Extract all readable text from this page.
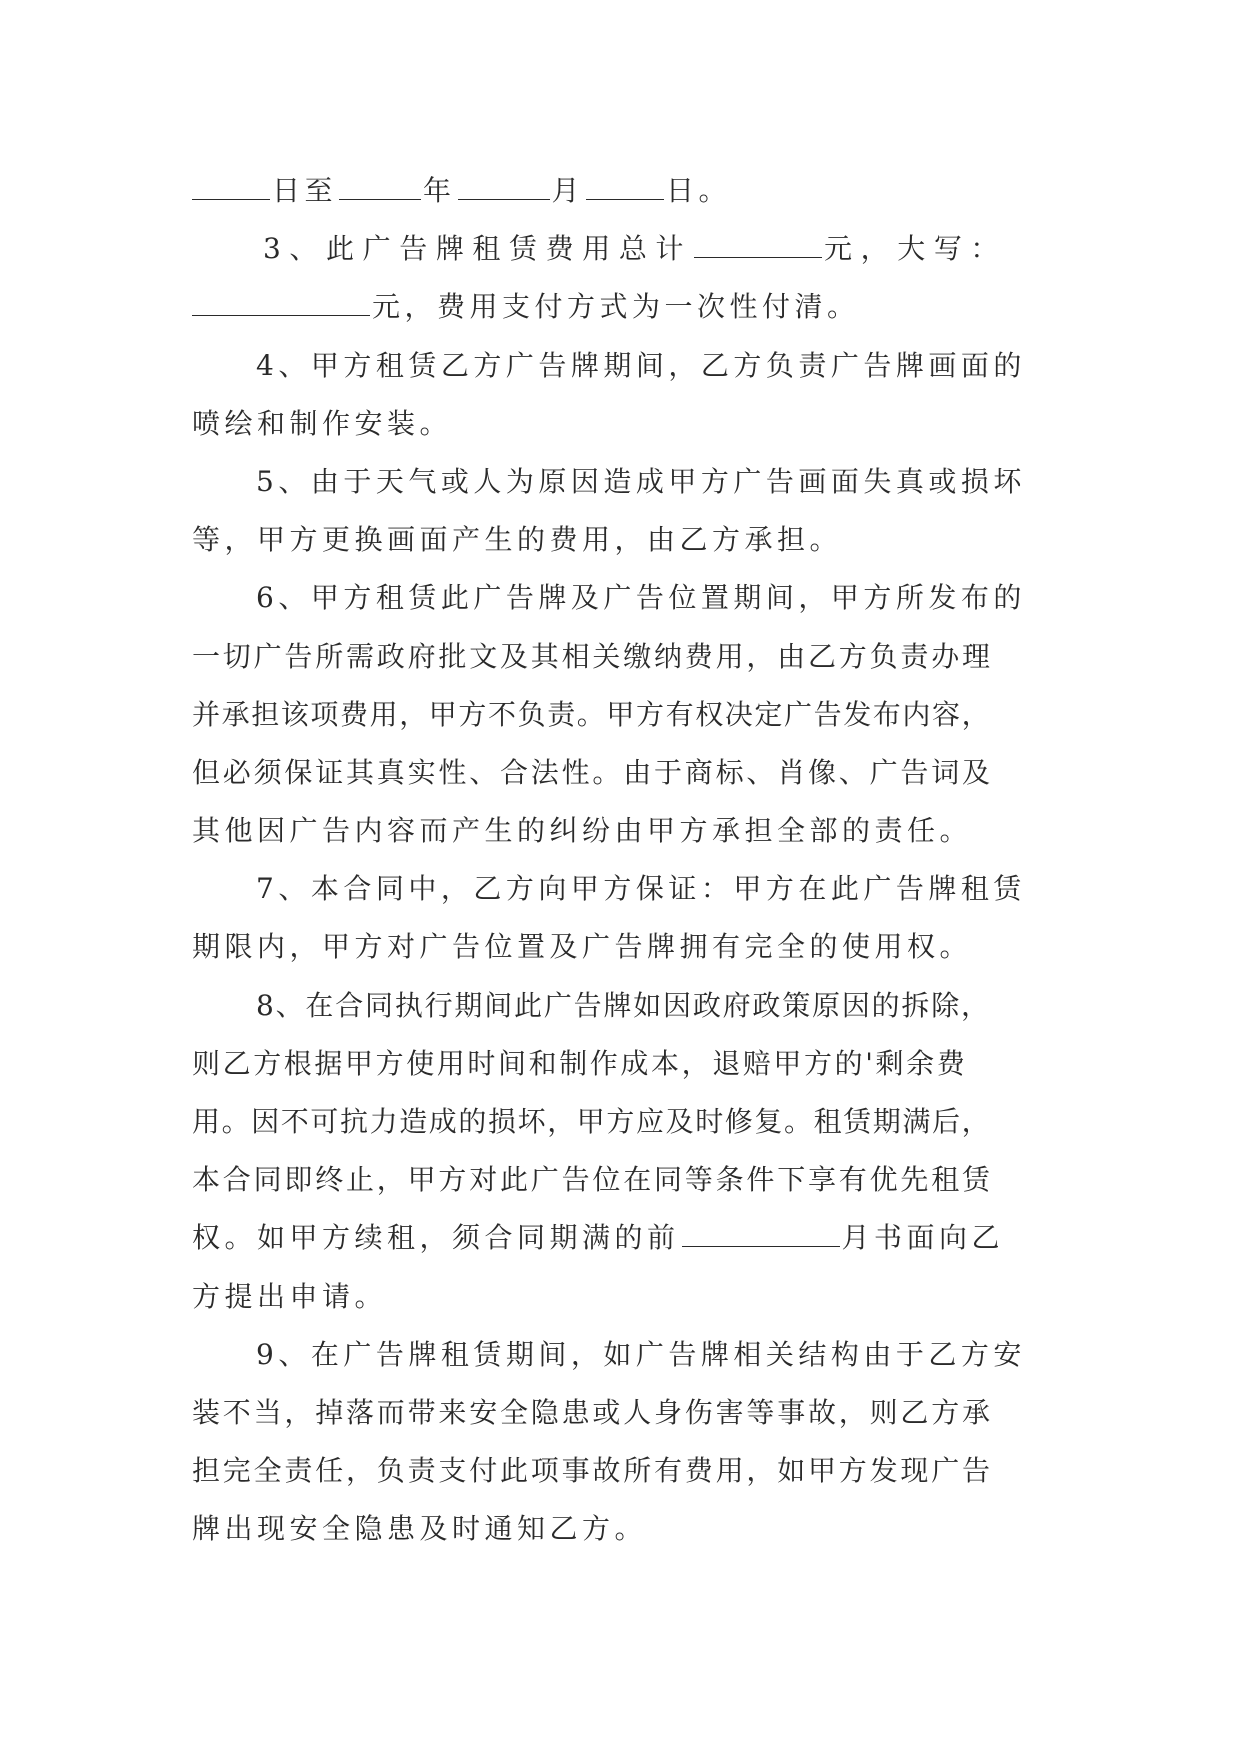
日至	年	月	日。
3、此广告牌租赁费用总计	元，大写：
元，费用支付方式为一次性付清。
4、甲方租赁乙方广告牌期间，乙方负责广告牌画面的
喷绘和制作安装。
5、由于天气或人为原因造成甲方广告画面失真或损坏
等，甲方更换画面产生的费用，由乙方承担。
6、甲方租赁此广告牌及广告位置期间，甲方所发布的
一切广告所需政府批文及其相关缴纳费用，由乙方负责办理
并承担该项费用，甲方不负责。甲方有权决定广告发布内容，
但必须保证其真实性、合法性。由于商标、肖像、广告词及
其他因广告内容而产生的纠纷由甲方承担全部的责任。
7、本合同中，乙方向甲方保证：甲方在此广告牌租赁
期限内，甲方对广告位置及广告牌拥有完全的使用权。
8、在合同执行期间此广告牌如因政府政策原因的拆除，
则乙方根据甲方使用时间和制作成本，退赔甲方的'剩余费
用。因不可抗力造成的损坏，甲方应及时修复。租赁期满后，
本合同即终止，甲方对此广告位在同等条件下享有优先租赁
权。如甲方续租，须合同期满的前	月书面向乙
方提出申请。
9、在广告牌租赁期间，如广告牌相关结构由于乙方安
装不当，掉落而带来安全隐患或人身伤害等事故，则乙方承
担完全责任，负责支付此项事故所有费用，如甲方发现广告
牌出现安全隐患及时通知乙方。
